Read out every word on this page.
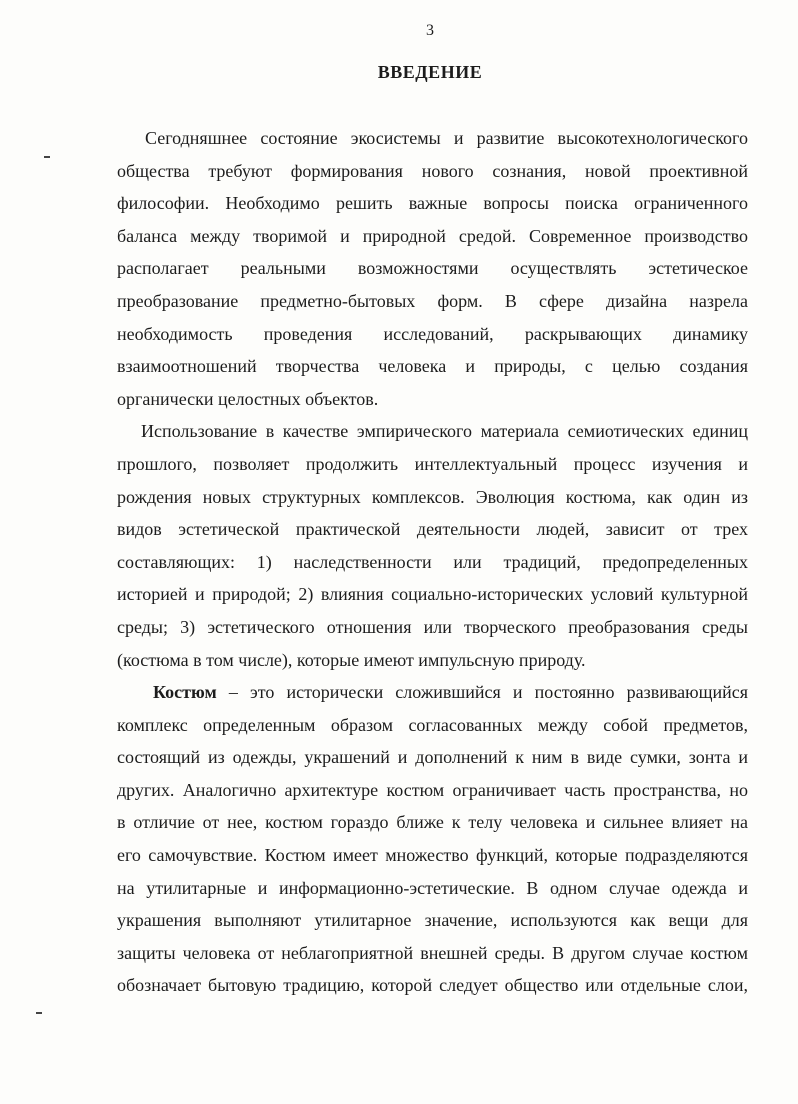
3
ВВЕДЕНИЕ
Сегодняшнее состояние экосистемы и развитие высокотехнологического
общества требуют формирования нового сознания, новой проективной
философии. Необходимо решить важные вопросы поиска ограниченного
баланса между творимой и природной средой. Современное производство
располагает реальными возможностями осуществлять эстетическое
преобразование предметно-бытовых форм. В сфере дизайна назрела
необходимость проведения исследований, раскрывающих динамику
взаимоотношений творчества человека и природы, с целью создания
органически целостных объектов.
Использование в качестве эмпирического материала семиотических единиц
прошлого, позволяет продолжить интеллектуальный процесс изучения и
рождения новых структурных комплексов. Эволюция костюма, как один из
видов эстетической практической деятельности людей, зависит от трех
составляющих: 1) наследственности или традиций, предопределенных
историей и природой; 2) влияния социально-исторических условий культурной
среды; 3) эстетического отношения или творческого преобразования среды
(костюма в том числе), которые имеют импульсную природу.
Костюм – это исторически сложившийся и постоянно развивающийся
комплекс определенным образом согласованных между собой предметов,
состоящий из одежды, украшений и дополнений к ним в виде сумки, зонта и
других. Аналогично архитектуре костюм ограничивает часть пространства, но
в отличие от нее, костюм гораздо ближе к телу человека и сильнее влияет на
его самочувствие. Костюм имеет множество функций, которые подразделяются
на утилитарные и информационно-эстетические. В одном случае одежда и
украшения выполняют утилитарное значение, используются как вещи для
защиты человека от неблагоприятной внешней среды. В другом случае костюм
обозначает бытовую традицию, которой следует общество или отдельные слои,
